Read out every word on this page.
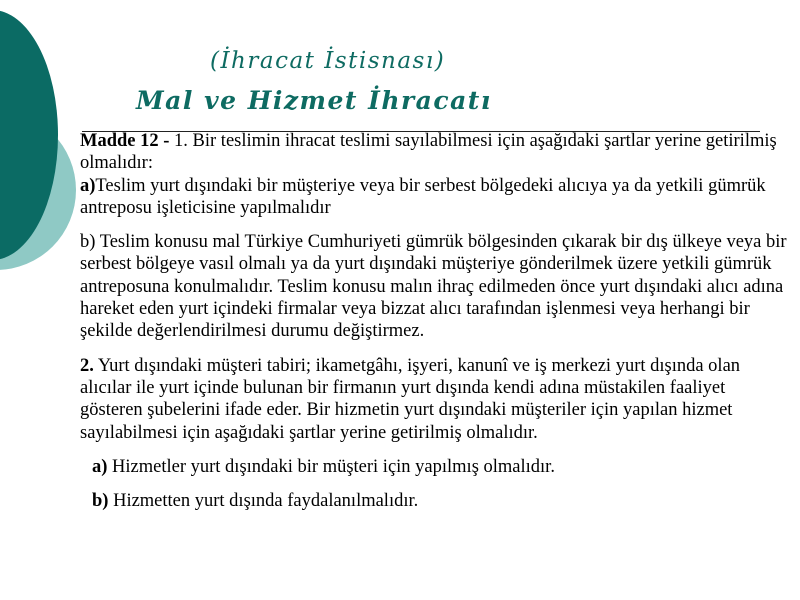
(İhracat İstisnası)
Mal ve Hizmet İhracatı

Madde 12 - 1. Bir teslimin ihracat teslimi sayılabilmesi için aşağıdaki şartlar yerine getirilmiş olmalıdır:

a)Teslim yurt dışındaki bir müşteriye veya bir serbest bölgedeki alıcıya ya da yetkili gümrük antreposu işleticisine yapılmalıdır

b) Teslim konusu mal Türkiye Cumhuriyeti gümrük bölgesinden çıkarak bir dış ülkeye veya bir serbest bölgeye vasıl olmalı ya da yurt dışındaki müşteriye gönderilmek üzere yetkili gümrük antreposuna konulmalıdır. Teslim konusu malın ihraç edilmeden önce yurt dışındaki alıcı adına hareket eden yurt içindeki firmalar veya bizzat alıcı tarafından işlenmesi veya herhangi bir şekilde değerlendirilmesi durumu değiştirmez.

2. Yurt dışındaki müşteri tabiri; ikametgâhı, işyeri, kanunî ve iş merkezi yurt dışında olan alıcılar ile yurt içinde bulunan bir firmanın yurt dışında kendi adına müstakilen faaliyet gösteren şubelerini ifade eder. Bir hizmetin yurt dışındaki müşteriler için yapılan hizmet sayılabilmesi için aşağıdaki şartlar yerine getirilmiş olmalıdır.

a) Hizmetler yurt dışındaki bir müşteri için yapılmış olmalıdır.

b) Hizmetten yurt dışında faydalanılmalıdır.
